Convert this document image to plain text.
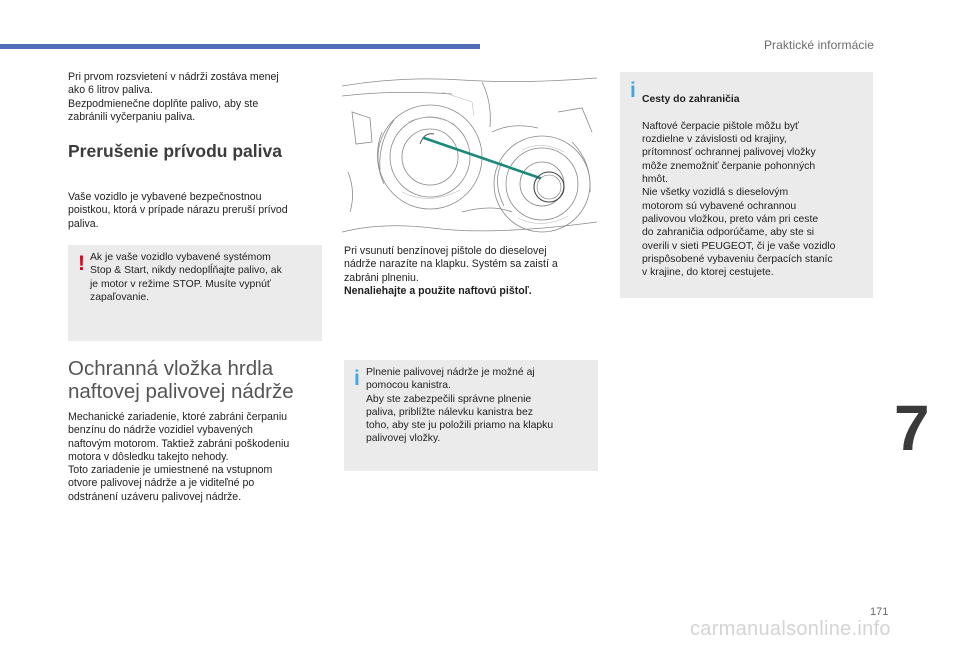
Praktické informácie
Pri prvom rozsvietení v nádrži zostáva menej
ako 6 litrov paliva.
Bezpodmienečne doplňte palivo, aby ste
zabránili vyčerpaniu paliva.
Prerušenie prívodu paliva
Vaše vozidlo je vybavené bezpečnostnou
poistkou, ktorá v prípade nárazu preruší prívod
paliva.
! Ak je vaše vozidlo vybavené systémom
Stop & Start, nikdy nedoplĺňajte palivo, ak
je motor v režime STOP. Musíte vypnúť
zapaľovanie.
Ochranná vložka hrdla
naftovej palivovej nádrže
Mechanické zariadenie, ktoré zabráni čerpaniu
benzínu do nádrže vozidiel vybavených
naftovým motorom. Taktiež zabráni poškodeniu
motora v dôsledku takejto nehody.
Toto zariadenie je umiestnené na vstupnom
otvore palivovej nádrže a je viditeľné po
odstránení uzáveru palivovej nádrže.
Pri vsunutí benzínovej pištole do dieselovej
nádrže narazíte na klapku. Systém sa zaistí a
zabráni plneniu.
Nenaliehajte a použite naftovú pištoľ.
i Plnenie palivovej nádrže je možné aj
pomocou kanistra.
Aby ste zabezpečili správne plnenie
paliva, priblížte nálevku kanistra bez
toho, aby ste ju položili priamo na klapku
palivovej vložky.
i Cesty do zahraničia

Naftové čerpacie pištole môžu byť
rozdielne v závislosti od krajiny,
prítomnosť ochrannej palivovej vložky
môže znemožniť čerpanie pohonných
hmôt.
Nie všetky vozidlá s dieselovým
motorom sú vybavené ochrannou
palivovou vložkou, preto vám pri ceste
do zahraničia odporúčame, aby ste si
overili v sieti PEUGEOT, či je vaše vozidlo
prispôsobené vybaveniu čerpacích staníc
v krajine, do ktorej cestujete.

7
171
carmanualsonline.info
